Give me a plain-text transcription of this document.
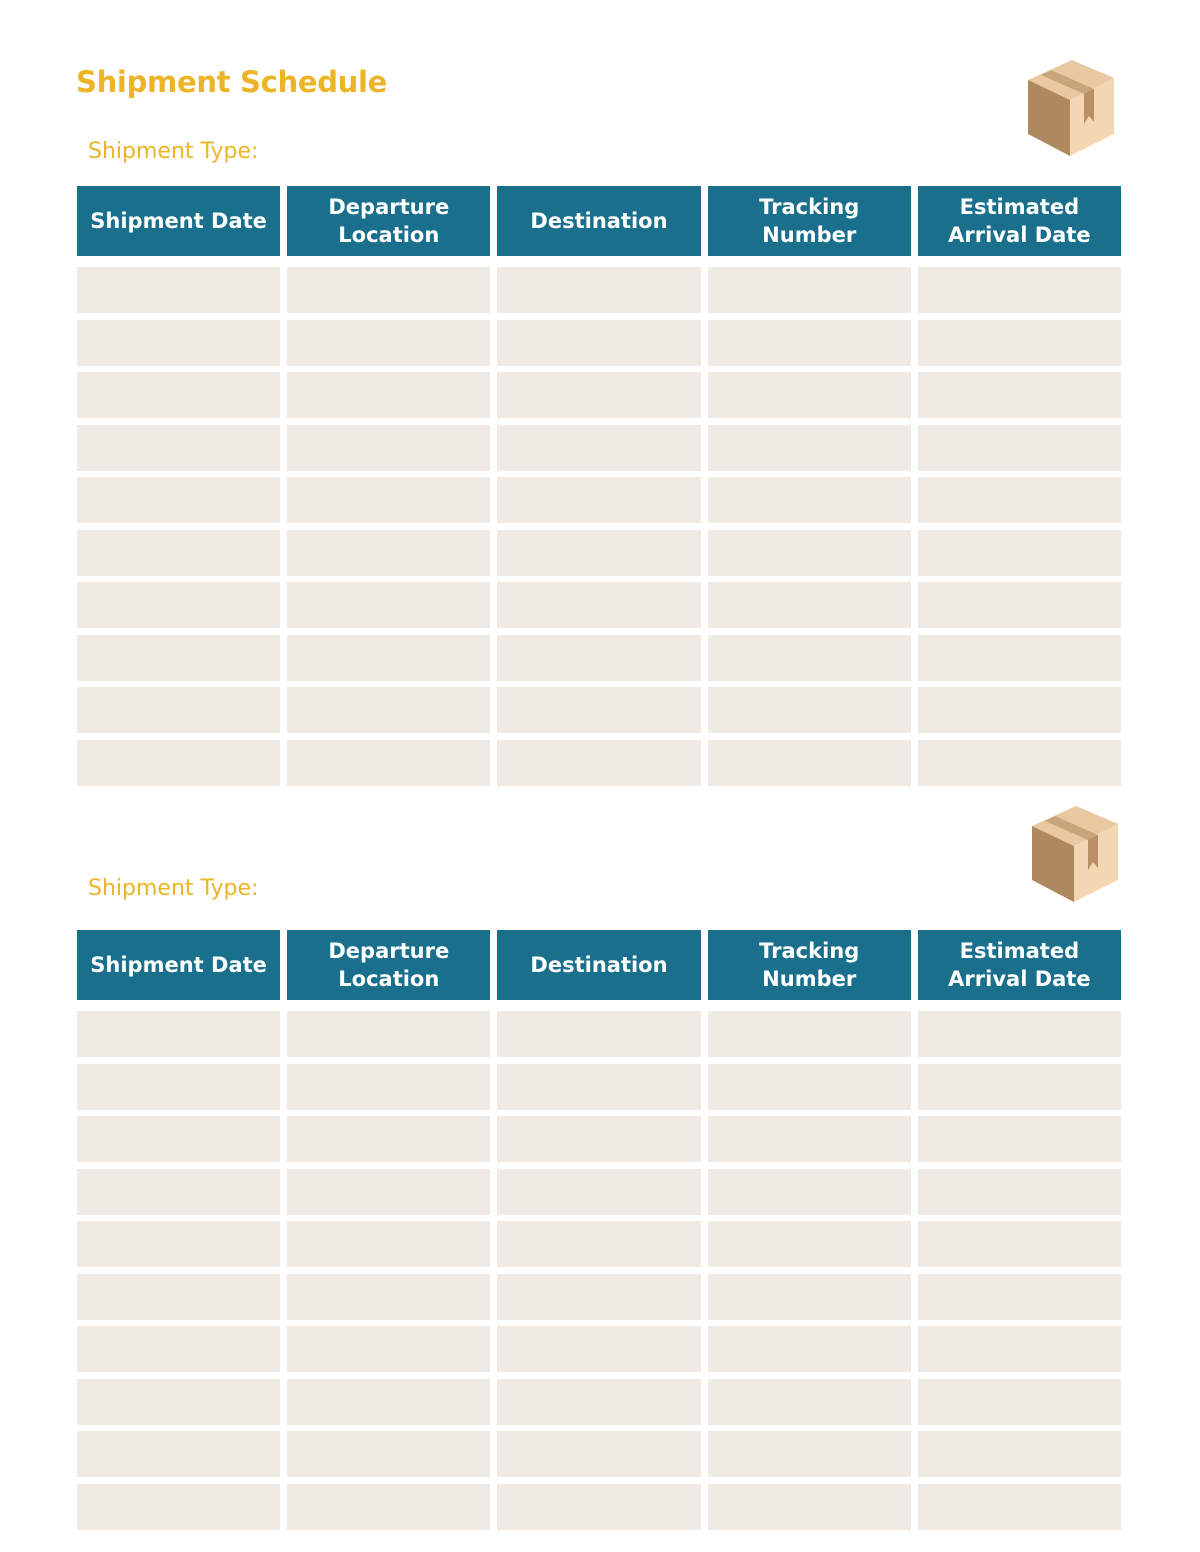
Shipment Schedule
Shipment Type:
Shipment Date
Departure Location
Destination
Tracking Number
Estimated Arrival Date
Shipment Type:
Shipment Date
Departure Location
Destination
Tracking Number
Estimated Arrival Date
